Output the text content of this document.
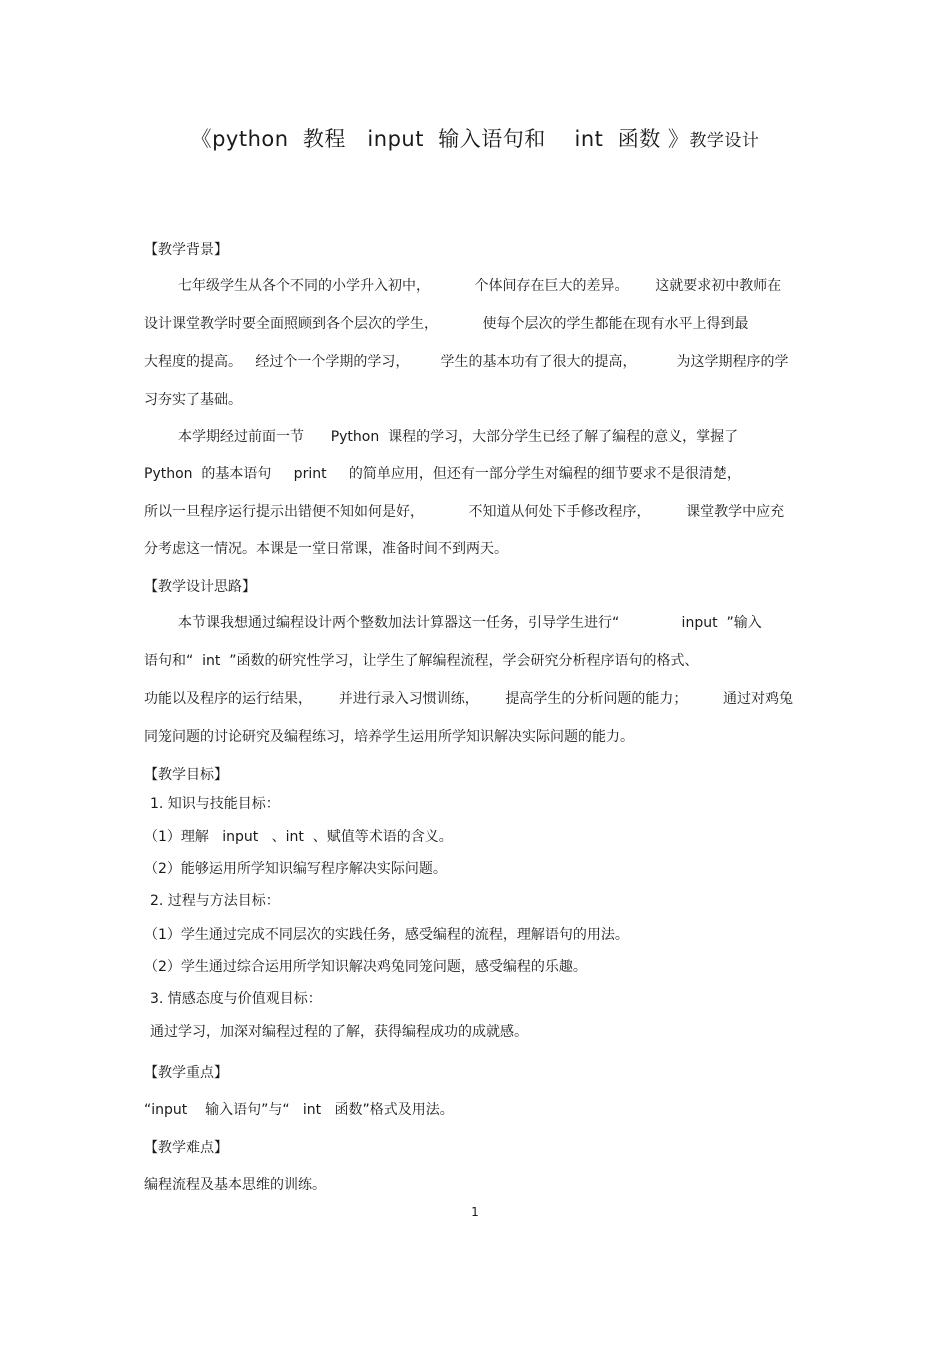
《python  教程   input  输入语句和    int  函数 》教学设计
【教学背景】
七年级学生从各个不同的小学升入初中，          个体间存在巨大的差异。      这就要求初中教师在
设计课堂教学时要全面照顾到各个层次的学生，          使每个层次的学生都能在现有水平上得到最
大程度的提高。   经过个一个学期的学习，       学生的基本功有了很大的提高，         为这学期程序的学
习夯实了基础。
本学期经过前面一节      Python  课程的学习，大部分学生已经了解了编程的意义，掌握了
Python  的基本语句     print     的简单应用，但还有一部分学生对编程的细节要求不是很清楚，
所以一旦程序运行提示出错便不知如何是好，          不知道从何处下手修改程序，        课堂教学中应充
分考虑这一情况。本课是一堂日常课，准备时间不到两天。
【教学设计思路】
本节课我想通过编程设计两个整数加法计算器这一任务，引导学生进行“              input  ”输入
语句和“  int  ”函数的研究性学习，让学生了解编程流程，学会研究分析程序语句的格式、
功能以及程序的运行结果，      并进行录入习惯训练，      提高学生的分析问题的能力；        通过对鸡兔
同笼问题的讨论研究及编程练习，培养学生运用所学知识解决实际问题的能力。
【教学目标】
1. 知识与技能目标：
（1）理解   input   、int  、赋值等术语的含义。
（2）能够运用所学知识编写程序解决实际问题。
2. 过程与方法目标：
（1）学生通过完成不同层次的实践任务，感受编程的流程，理解语句的用法。
（2）学生通过综合运用所学知识解决鸡兔同笼问题，感受编程的乐趣。
3. 情感态度与价值观目标：
通过学习，加深对编程过程的了解，获得编程成功的成就感。
【教学重点】
“input    输入语句”与“   int   函数”格式及用法。
【教学难点】
编程流程及基本思维的训练。
1
